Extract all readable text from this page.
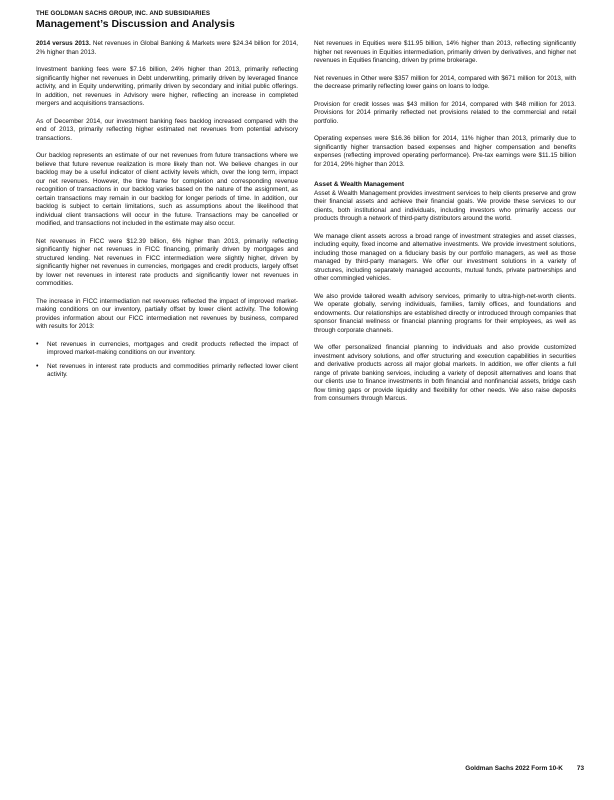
THE GOLDMAN SACHS GROUP, INC. AND SUBSIDIARIES
Management’s Discussion and Analysis

2014 versus 2013. Net revenues in Global Banking & Markets were $24.34 billion for 2014, 2% higher than 2013.

Investment banking fees were $7.16 billion, 24% higher than 2013, primarily reflecting significantly higher net revenues in Debt underwriting, primarily driven by leveraged finance activity, and in Equity underwriting, primarily driven by secondary and initial public offerings. In addition, net revenues in Advisory were higher, reflecting an increase in completed mergers and acquisitions transactions.

As of December 2014, our investment banking fees backlog increased compared with the end of 2013, primarily reflecting higher estimated net revenues from potential advisory transactions.

Our backlog represents an estimate of our net revenues from future transactions where we believe that future revenue realization is more likely than not. We believe changes in our backlog may be a useful indicator of client activity levels which, over the long term, impact our net revenues. However, the time frame for completion and corresponding revenue recognition of transactions in our backlog varies based on the nature of the assignment, as certain transactions may remain in our backlog for longer periods of time. In addition, our backlog is subject to certain limitations, such as assumptions about the likelihood that individual client transactions will occur in the future. Transactions may be cancelled or modified, and transactions not included in the estimate may also occur.

Net revenues in FICC were $12.39 billion, 6% higher than 2013, primarily reflecting significantly higher net revenues in FICC financing, primarily driven by mortgages and structured lending. Net revenues in FICC intermediation were slightly higher, driven by significantly higher net revenues in currencies, mortgages and credit products, largely offset by lower net revenues in interest rate products and significantly lower net revenues in commodities.

The increase in FICC intermediation net revenues reflected the impact of improved market-making conditions on our inventory, partially offset by lower client activity. The following provides information about our FICC intermediation net revenues by business, compared with results for 2013:

• Net revenues in currencies, mortgages and credit products reflected the impact of improved market-making conditions on our inventory.
• Net revenues in interest rate products and commodities primarily reflected lower client activity.

Net revenues in Equities were $11.95 billion, 14% higher than 2013, reflecting significantly higher net revenues in Equities intermediation, primarily driven by derivatives, and higher net revenues in Equities financing, driven by prime brokerage.

Net revenues in Other were $357 million for 2014, compared with $671 million for 2013, with the decrease primarily reflecting lower gains on loans to lodge.

Provision for credit losses was $43 million for 2014, compared with $48 million for 2013. Provisions for 2014 primarily reflected net provisions related to the commercial and retail portfolio.

Operating expenses were $16.36 billion for 2014, 11% higher than 2013, primarily due to significantly higher transaction based expenses and higher compensation and benefits expenses (reflecting improved operating performance). Pre-tax earnings were $11.15 billion for 2014, 29% higher than 2013.

Asset & Wealth Management

Asset & Wealth Management provides investment services to help clients preserve and grow their financial assets and achieve their financial goals. We provide these services to our clients, both institutional and individuals, including investors who primarily access our products through a network of third-party distributors around the world.

We manage client assets across a broad range of investment strategies and asset classes, including equity, fixed income and alternative investments. We provide investment solutions, including those managed on a fiduciary basis by our portfolio managers, as well as those managed by third-party managers. We offer our investment solutions in a variety of structures, including separately managed accounts, mutual funds, private partnerships and other commingled vehicles.

We also provide tailored wealth advisory services, primarily to ultra-high-net-worth clients. We operate globally, serving individuals, families, family offices, and foundations and endowments. Our relationships are established directly or introduced through companies that sponsor financial wellness or financial planning programs for their employees, as well as through corporate channels.

We offer personalized financial planning to individuals and also provide customized investment advisory solutions, and offer structuring and execution capabilities in securities and derivative products across all major global markets. In addition, we offer clients a full range of private banking services, including a variety of deposit alternatives and loans that our clients use to finance investments in both financial and nonfinancial assets, bridge cash flow timing gaps or provide liquidity and flexibility for other needs. We also raise deposits from consumers through Marcus.

Goldman Sachs 2022 Form 10-K 73
